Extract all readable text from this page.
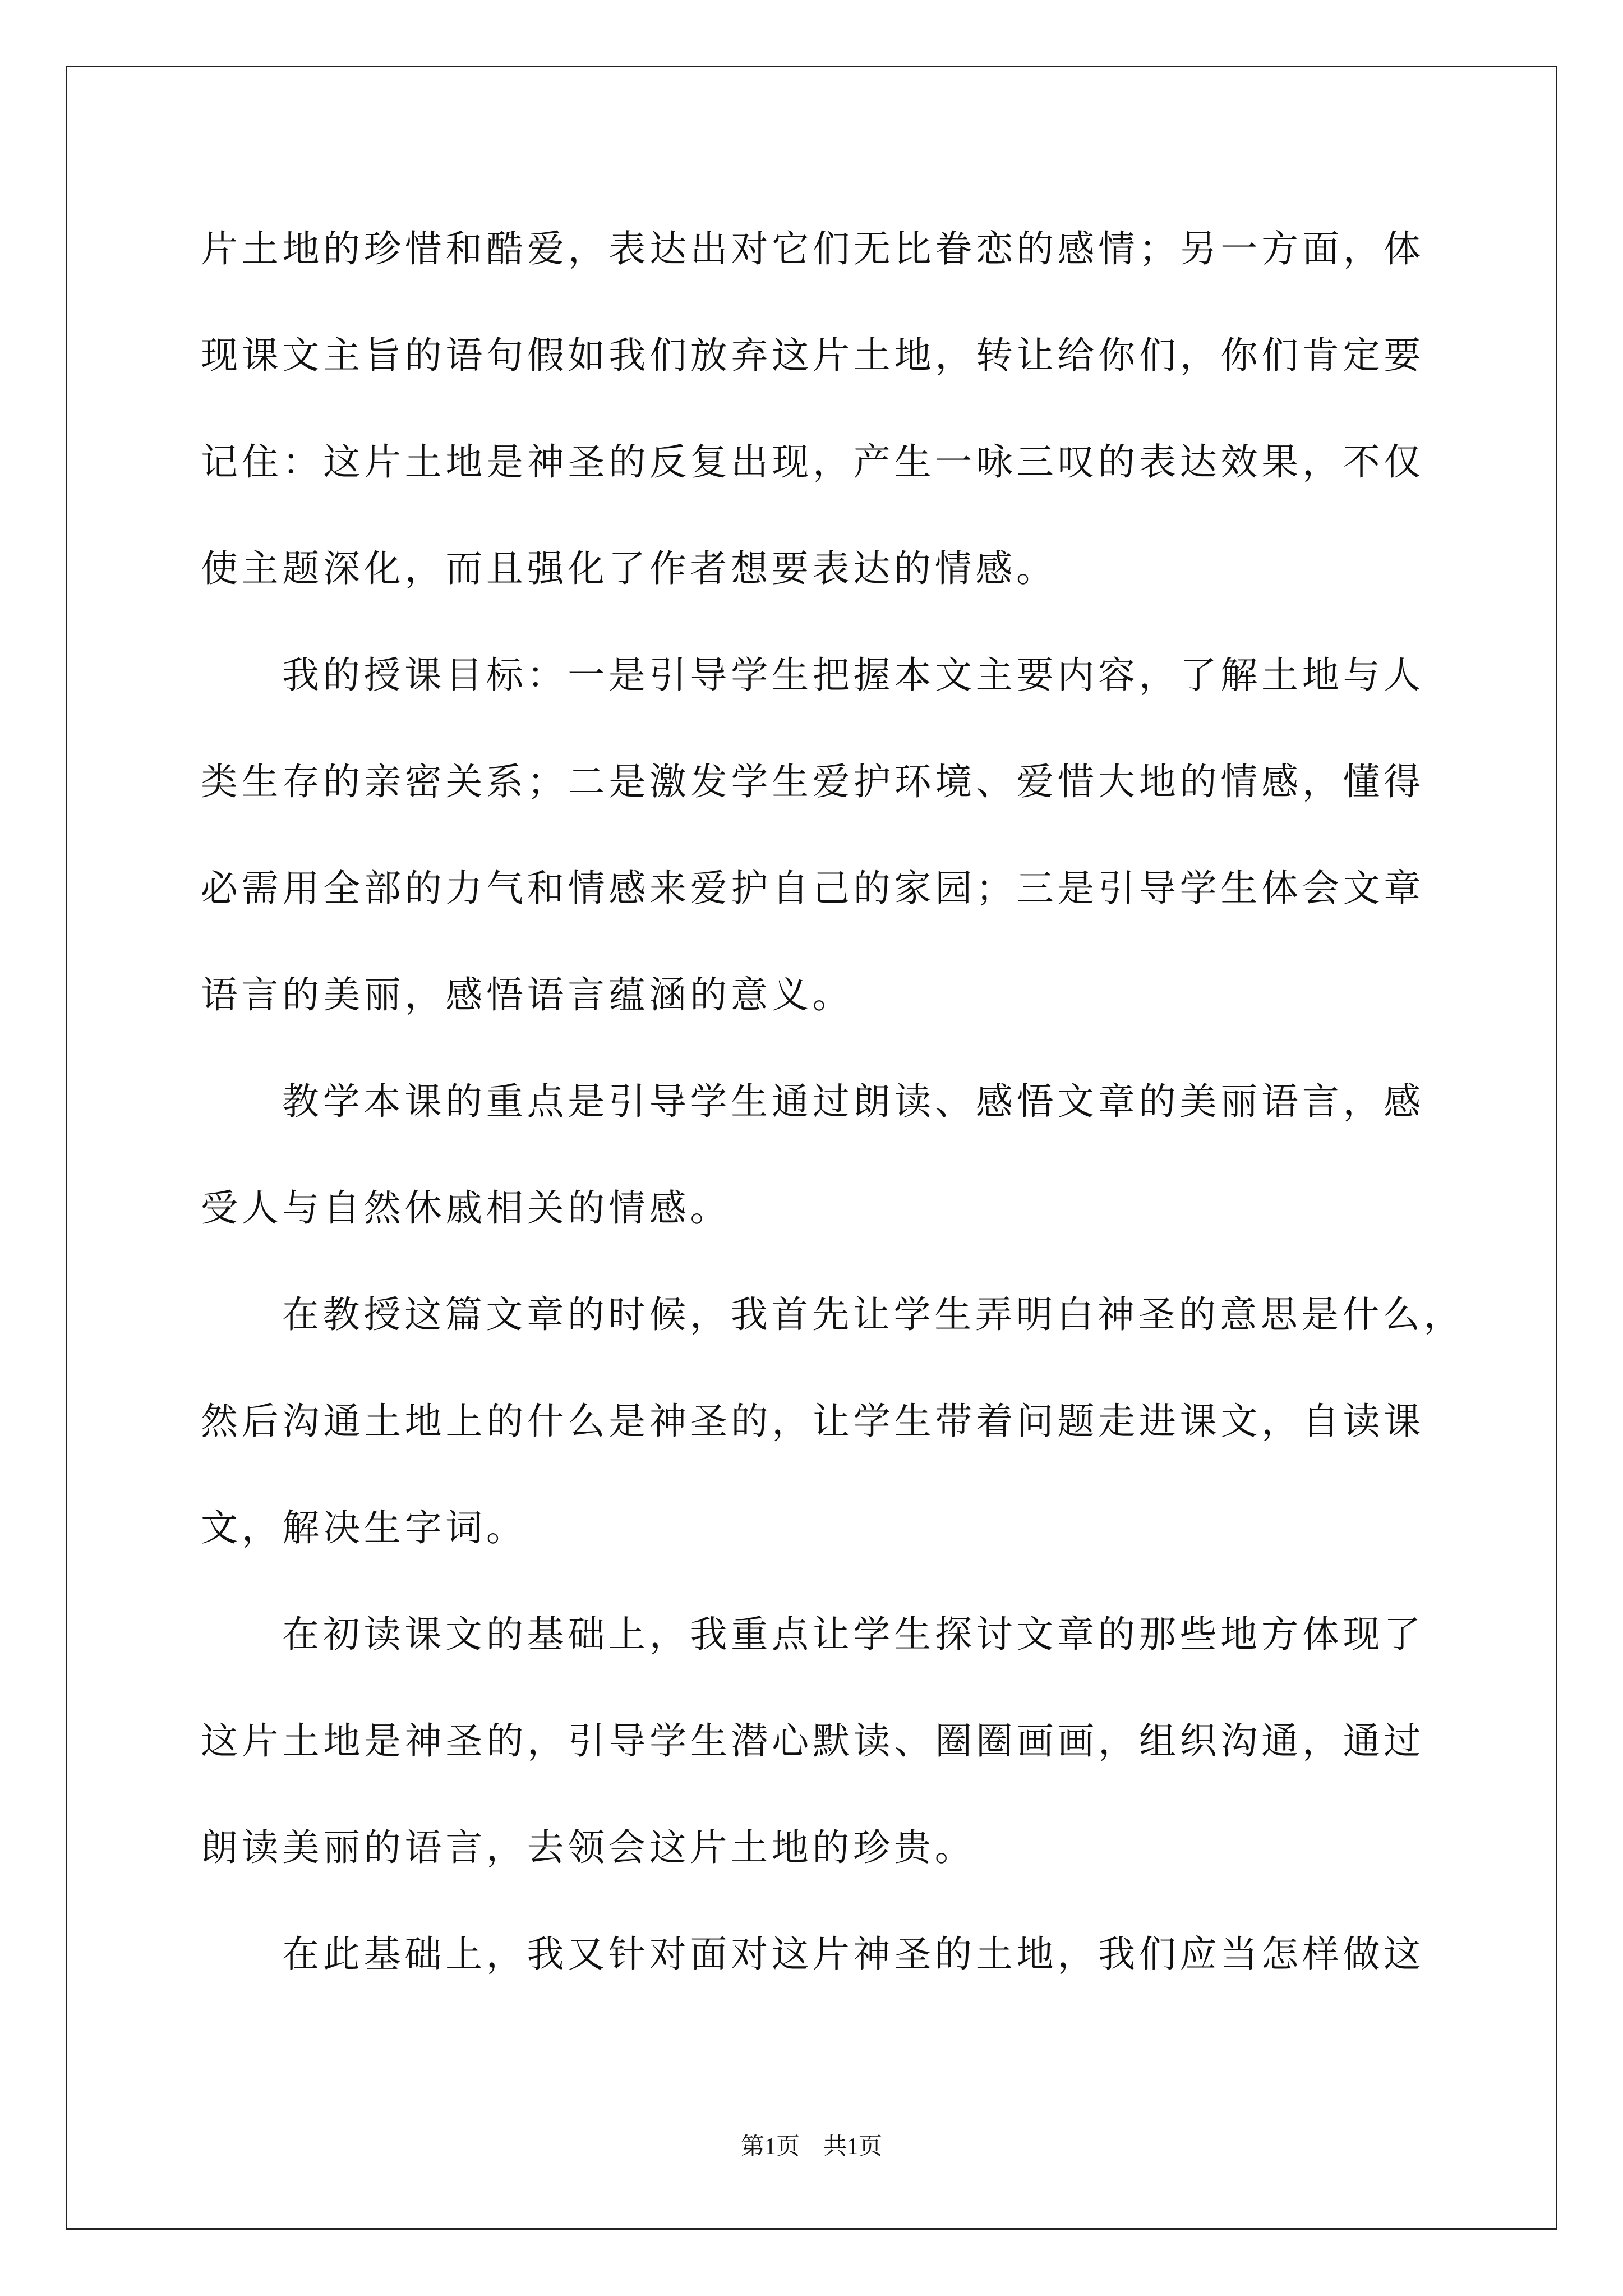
片土地的珍惜和酷爱，表达出对它们无比眷恋的感情；另一方面，体
现课文主旨的语句假如我们放弃这片土地，转让给你们，你们肯定要
记住：这片土地是神圣的反复出现，产生一咏三叹的表达效果，不仅
使主题深化，而且强化了作者想要表达的情感。
我的授课目标：一是引导学生把握本文主要内容，了解土地与人
类生存的亲密关系；二是激发学生爱护环境、爱惜大地的情感，懂得
必需用全部的力气和情感来爱护自己的家园；三是引导学生体会文章
语言的美丽，感悟语言蕴涵的意义。
教学本课的重点是引导学生通过朗读、感悟文章的美丽语言，感
受人与自然休戚相关的情感。
在教授这篇文章的时候，我首先让学生弄明白神圣的意思是什么，
然后沟通土地上的什么是神圣的，让学生带着问题走进课文，自读课
文，解决生字词。
在初读课文的基础上，我重点让学生探讨文章的那些地方体现了
这片土地是神圣的，引导学生潜心默读、圈圈画画，组织沟通，通过
朗读美丽的语言，去领会这片土地的珍贵。
在此基础上，我又针对面对这片神圣的土地，我们应当怎样做这
第1页　共1页
